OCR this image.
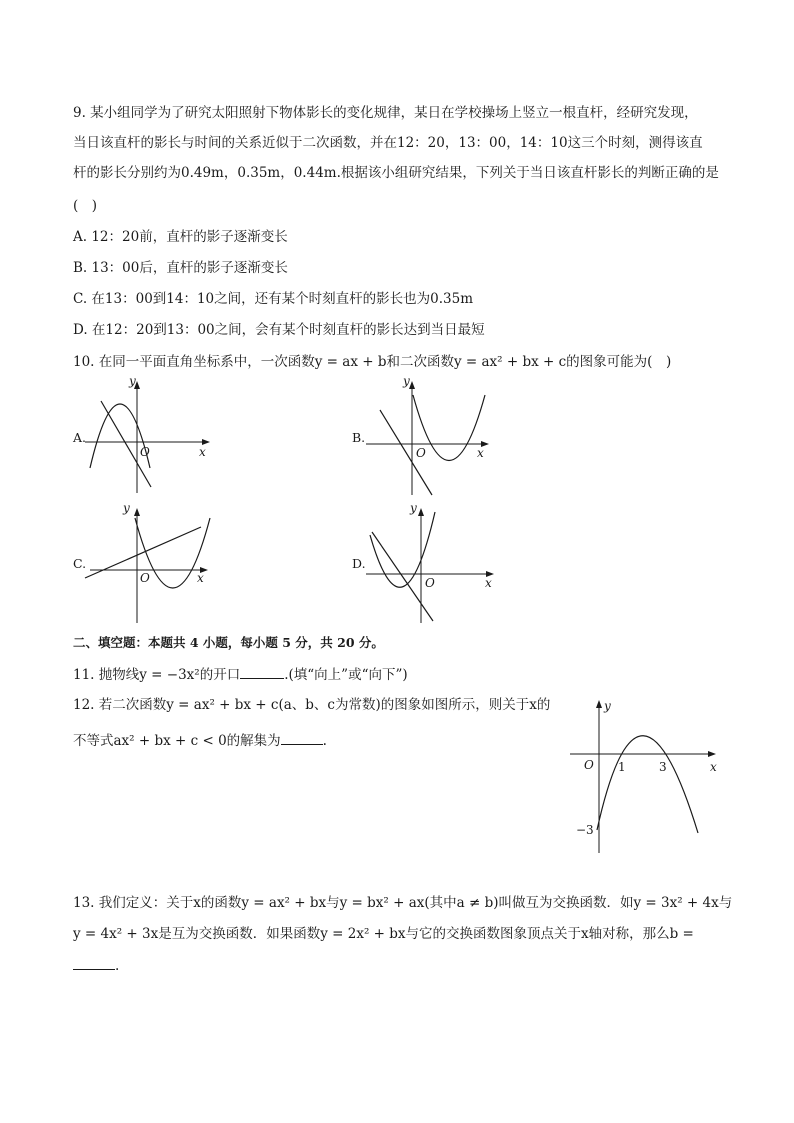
9. 某小组同学为了研究太阳照射下物体影长的变化规律，某日在学校操场上竖立一根直杆，经研究发现，
当日该直杆的影长与时间的关系近似于二次函数，并在12：20，13：00，14：10这三个时刻，测得该直
杆的影长分别约为0.49m，0.35m，0.44m.根据该小组研究结果，下列关于当日该直杆影长的判断正确的是
(　)
A. 12：20前，直杆的影子逐渐变长
B. 13：00后，直杆的影子逐渐变长
C. 在13：00到14：10之间，还有某个时刻直杆的影长也为0.35m
D. 在12：20到13：00之间，会有某个时刻直杆的影长达到当日最短
10. 在同一平面直角坐标系中，一次函数y = ax + b和二次函数y = ax² + bx + c的图象可能为(　)
A.
y
x
O
B.
y
x
O
C.
y
x
O
D.
y
x
O
二、填空题：本题共 4 小题，每小题 5 分，共 20 分。
11. 抛物线y = −3x²的开口	.(填“向上”或“向下”)
12. 若二次函数y = ax² + bx + c(a、b、c为常数)的图象如图所示，则关于x的
不等式ax² + bx + c < 0的解集为	.
y
x
O 1	3
−3
13. 我们定义：关于x的函数y = ax² + bx与y = bx² + ax(其中a ≠ b)叫做互为交换函数．如y = 3x² + 4x与
y = 4x² + 3x是互为交换函数．如果函数y = 2x² + bx与它的交换函数图象顶点关于x轴对称，那么b =
.
